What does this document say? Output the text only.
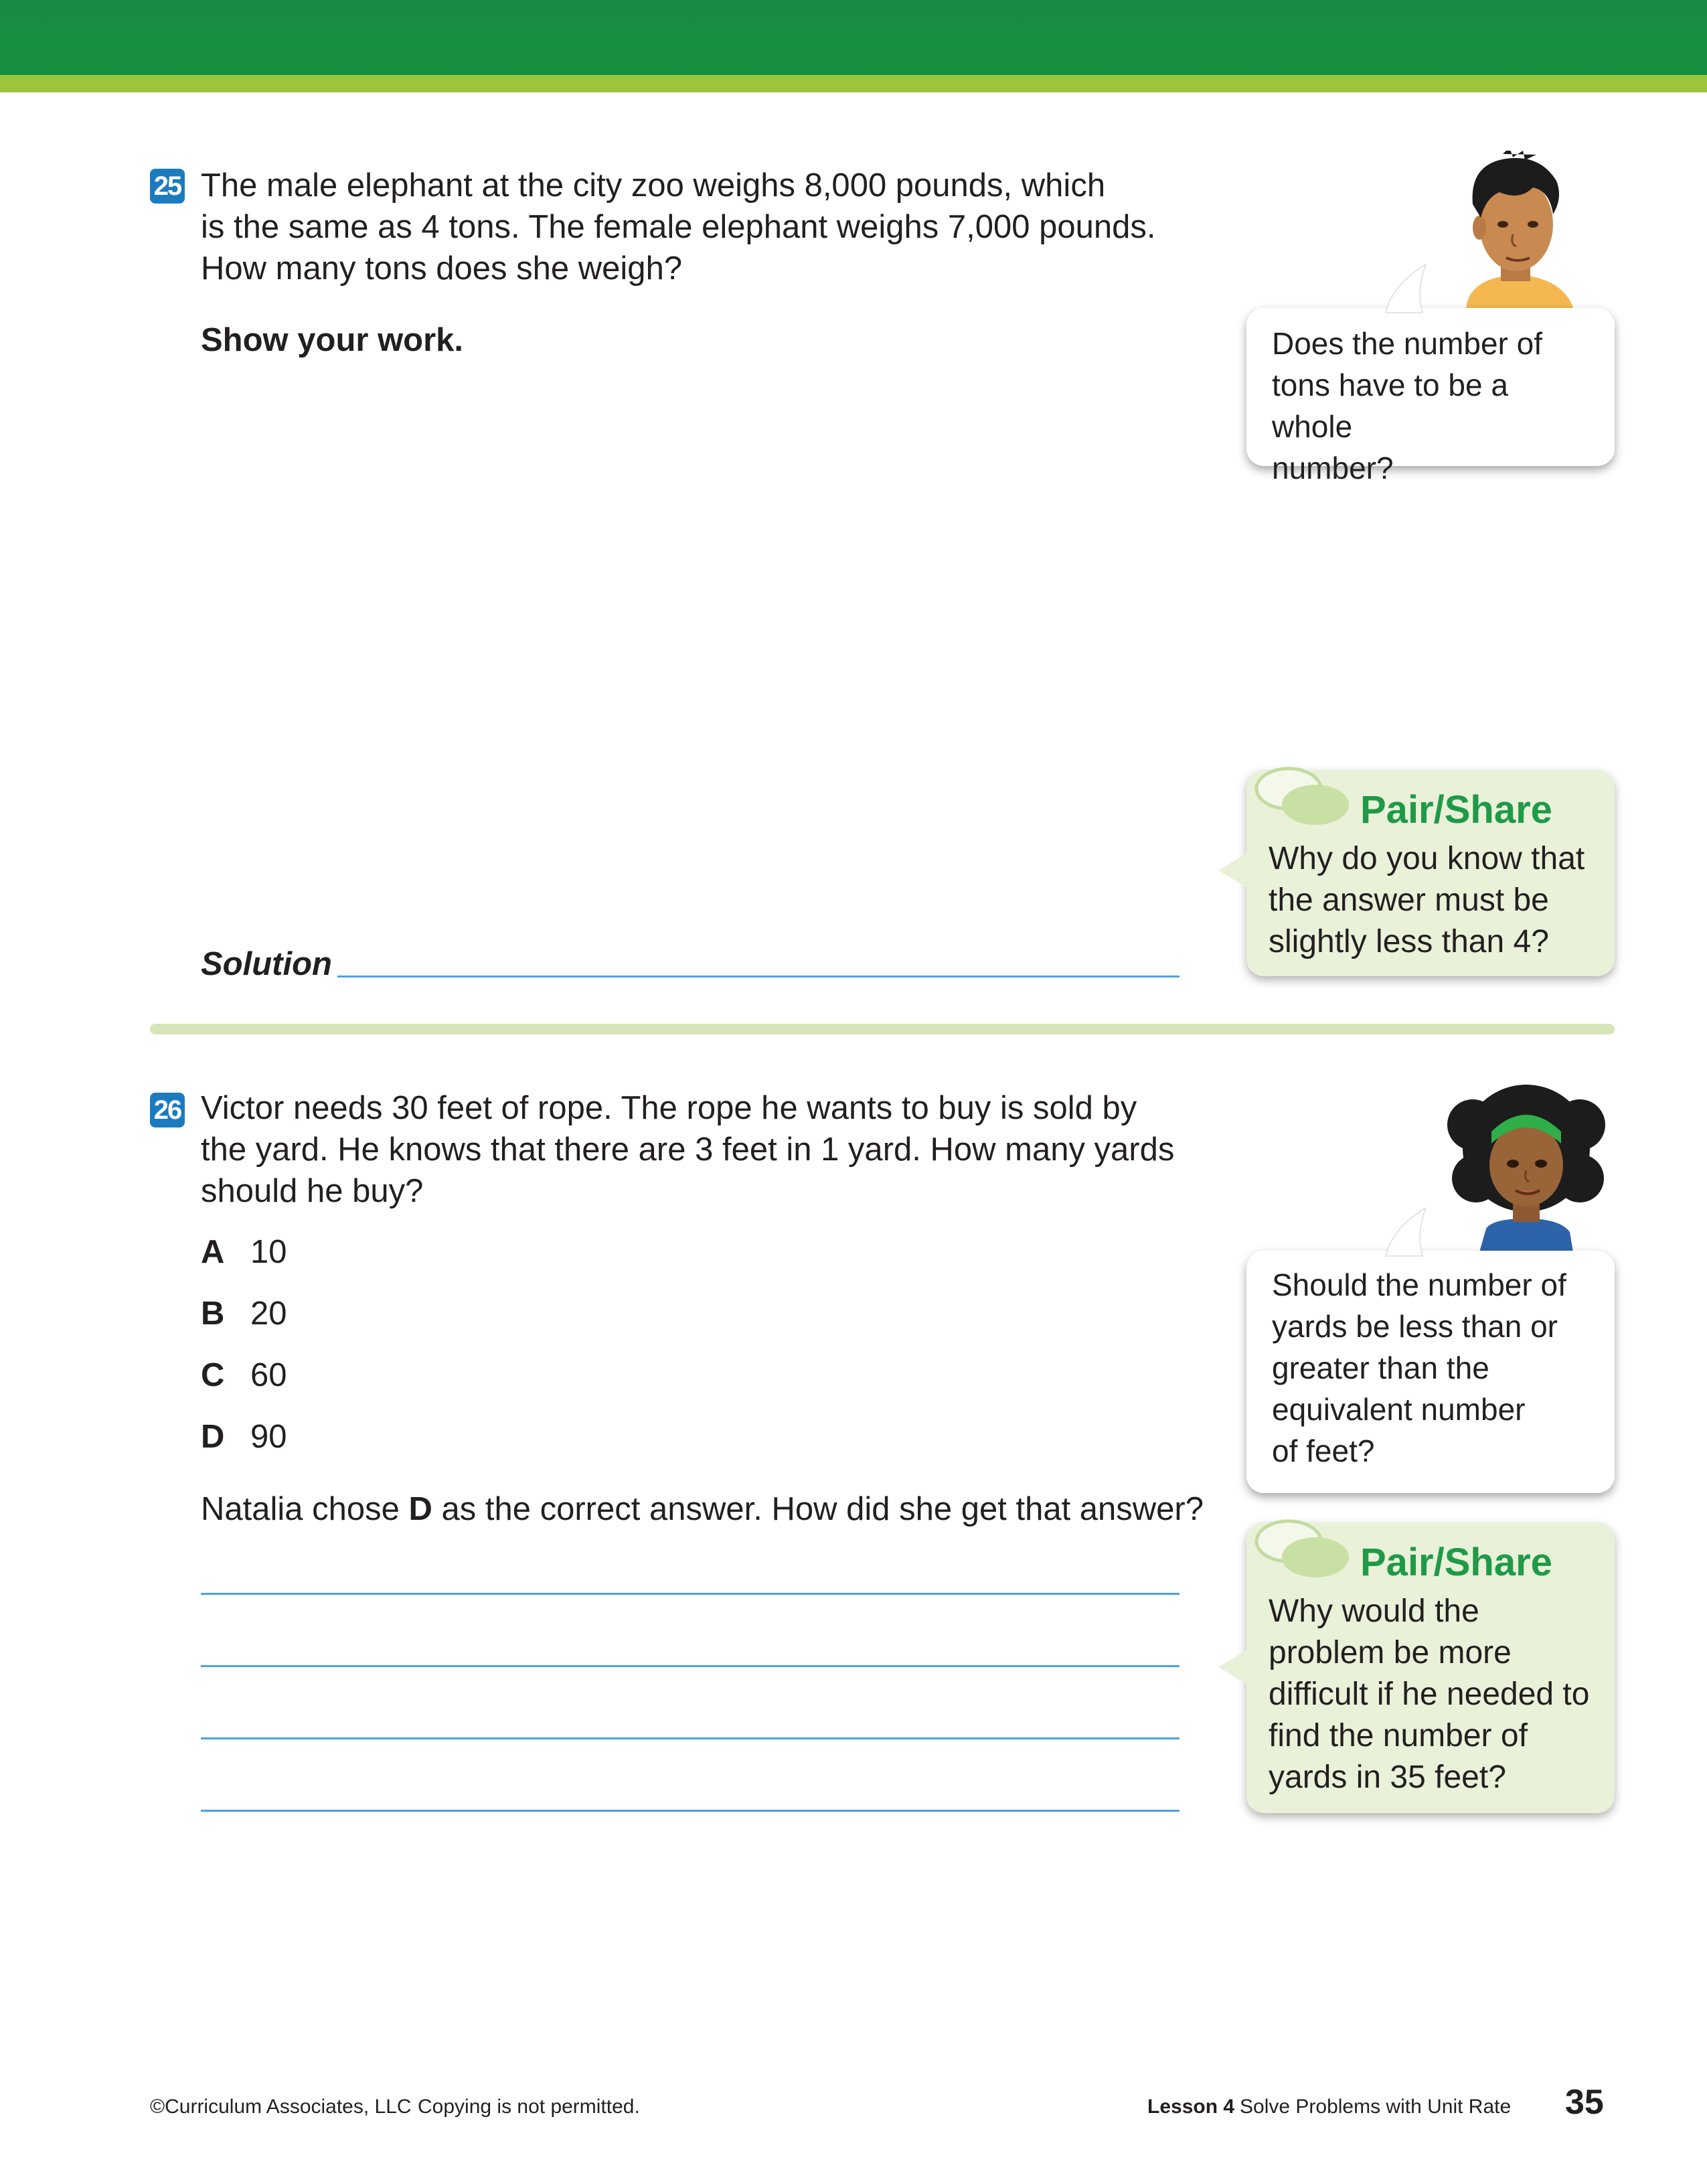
25 The male elephant at the city zoo weighs 8,000 pounds, which
is the same as 4 tons. The female elephant weighs 7,000 pounds.
How many tons does she weigh?
Show your work.
Solution
Does the number of
tons have to be a whole
number?
Pair/Share
Why do you know that
the answer must be
slightly less than 4?
26 Victor needs 30 feet of rope. The rope he wants to buy is sold by
the yard. He knows that there are 3 feet in 1 yard. How many yards
should he buy?
A 10
B 20
C 60
D 90
Natalia chose D as the correct answer. How did she get that answer?
Should the number of
yards be less than or
greater than the
equivalent number
of feet?
Pair/Share
Why would the
problem be more
difficult if he needed to
find the number of
yards in 35 feet?
©Curriculum Associates, LLC Copying is not permitted.	Lesson 4 Solve Problems with Unit Rate 35
